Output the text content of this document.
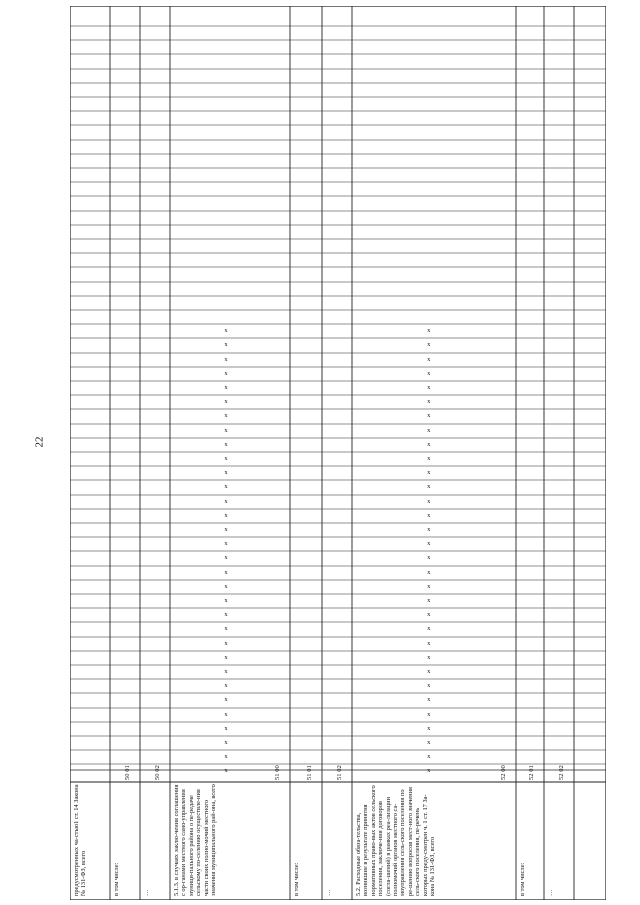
22
предусмотренных ча-стью1 ст. 14 Закона № 131-ФЗ, всего	в том числе:
50 01
…
50 02
5.1.3. в случаях заклю-чения соглашения с ор-ганами местного само-управления муници-пального района о пе-редаче сельскому по-селению осуществле-ния части своих полно-мочий местного значения муниципального рай-она, всего
51 00
в том числе:
51 01
…
51 02
5.2. Расходные обяза-тельства, возникшие в результате принятия нормативных право-вых актов сельского поселения, заключе-ния договоров (согла-шений) в рамках реа-лизации полномочий органов местного са-моуправления сель-ского поселения по ре-шению вопросов мест-ного значения сель-ского поселения, пе-речень которых преду-смотрен ч. 1 ст. 17 За-кона № 131-ФЗ, всего
52 00
в том числе:
52 01
…
52 02
x
x
x
x
x
x
x
x
x
x
x
x
x
x
x
x
x
x
x
x
x
x
x
x
x
x
x
x
x
x
x
x
x
x
x
x
x
x
x
x
x
x
x
x
x
x
x
x
x
x
x
x
x
x
x
x
x
x
x
x
x
x
x
x
